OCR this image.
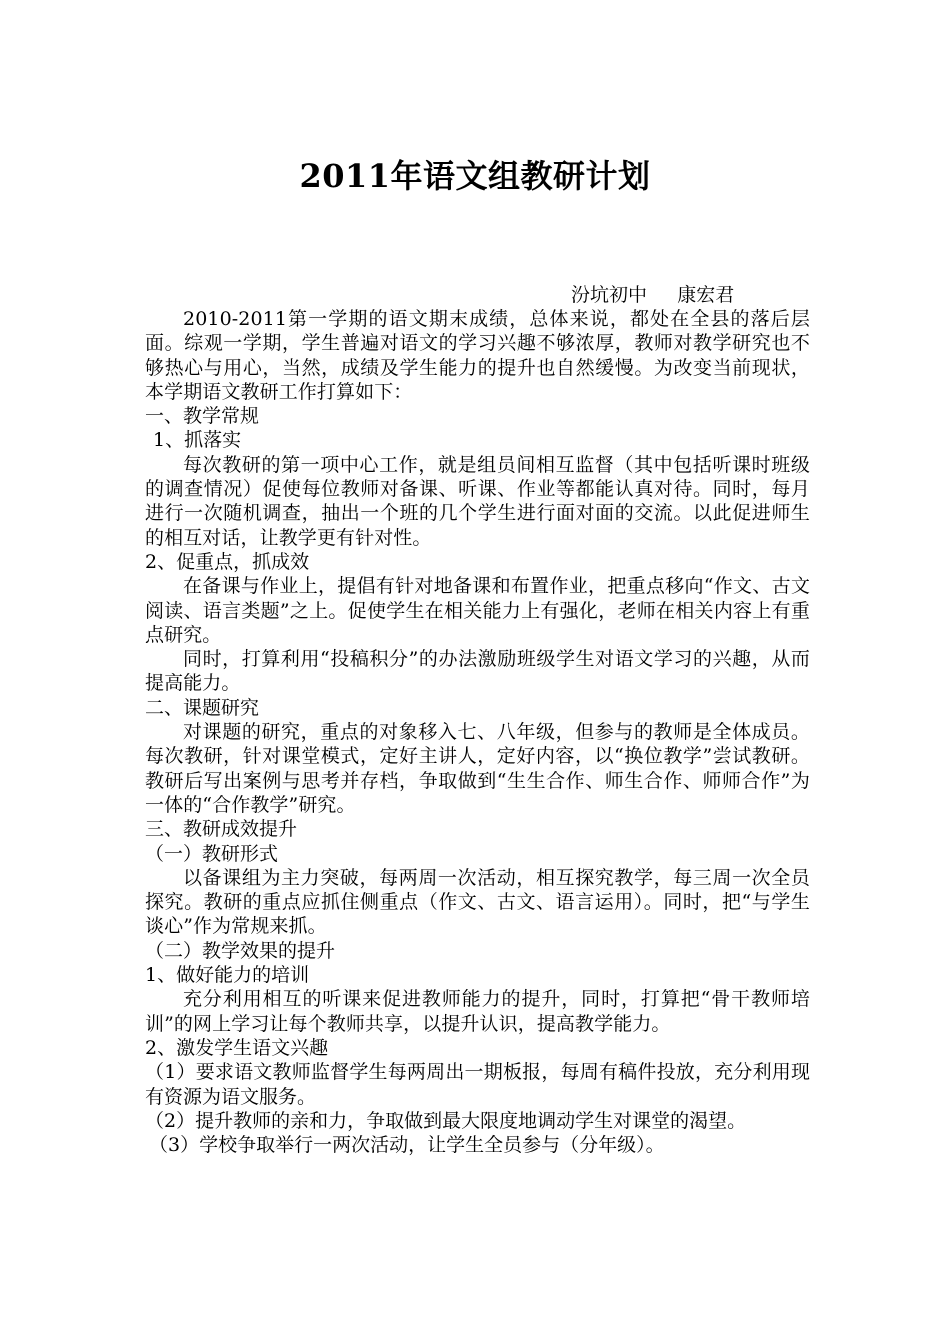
2011年语文组教研计划
汾坑初中     康宏君

2010-2011第一学期的语文期末成绩，总体来说，都处在全县的落后层面。综观一学期，学生普遍对语文的学习兴趣不够浓厚，教师对教学研究也不够热心与用心，当然，成绩及学生能力的提升也自然缓慢。为改变当前现状，本学期语文教研工作打算如下：

一、教学常规

1、抓落实

每次教研的第一项中心工作，就是组员间相互监督（其中包括听课时班级的调查情况）促使每位教师对备课、听课、作业等都能认真对待。同时，每月进行一次随机调查，抽出一个班的几个学生进行面对面的交流。以此促进师生的相互对话，让教学更有针对性。

2、促重点，抓成效

在备课与作业上，提倡有针对地备课和布置作业，把重点移向“作文、古文阅读、语言类题”之上。促使学生在相关能力上有强化，老师在相关内容上有重点研究。

同时，打算利用“投稿积分”的办法激励班级学生对语文学习的兴趣，从而提高能力。

二、课题研究

对课题的研究，重点的对象移入七、八年级，但参与的教师是全体成员。每次教研，针对课堂模式，定好主讲人，定好内容，以“换位教学”尝试教研。教研后写出案例与思考并存档，争取做到“生生合作、师生合作、师师合作”为一体的“合作教学”研究。

三、教研成效提升

（一）教研形式

以备课组为主力突破，每两周一次活动，相互探究教学，每三周一次全员探究。教研的重点应抓住侧重点（作文、古文、语言运用）。同时，把“与学生谈心”作为常规来抓。

（二）教学效果的提升

1、做好能力的培训

充分利用相互的听课来促进教师能力的提升，同时，打算把“骨干教师培训”的网上学习让每个教师共享，以提升认识，提高教学能力。

2、激发学生语文兴趣

（1）要求语文教师监督学生每两周出一期板报，每周有稿件投放，充分利用现有资源为语文服务。

（2）提升教师的亲和力，争取做到最大限度地调动学生对课堂的渴望。

（3）学校争取举行一两次活动，让学生全员参与（分年级）。
